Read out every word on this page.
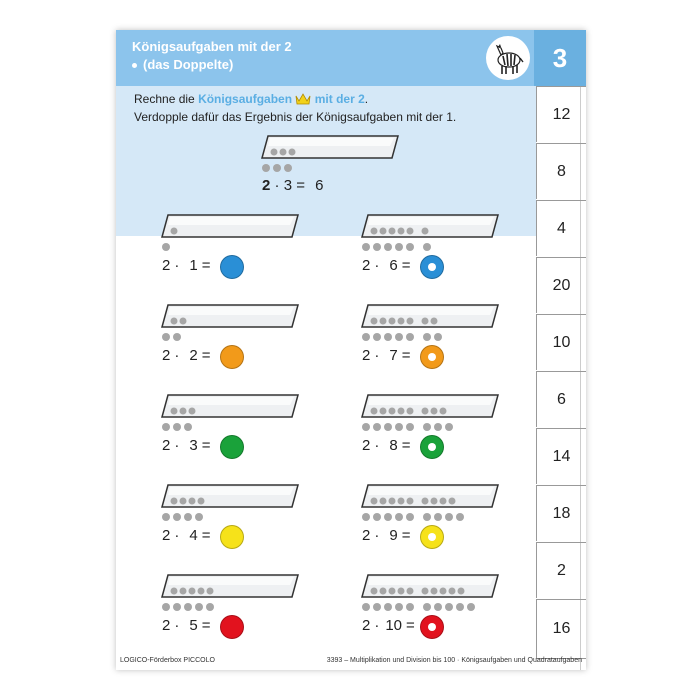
Königsaufgaben mit der 2
(das Doppelte)	3
Rechne die Königsaufgaben mit der 2.
Verdopple dafür das Ergebnis der Königsaufgaben mit der 1.
2 · 3 = 6
12
8
4
20
10
6
14
18
2
16
2 · 1 =
2 · 2 =
2 · 3 =
2 · 4 =
2 · 5 =
2 · 6 =
2 · 7 =
2 · 8 =
2 · 9 =
2 · 10 =
LOGICO-Förderbox PICCOLO	3393 – Multiplikation und Division bis 100 · Königsaufgaben und Quadrataufgaben
